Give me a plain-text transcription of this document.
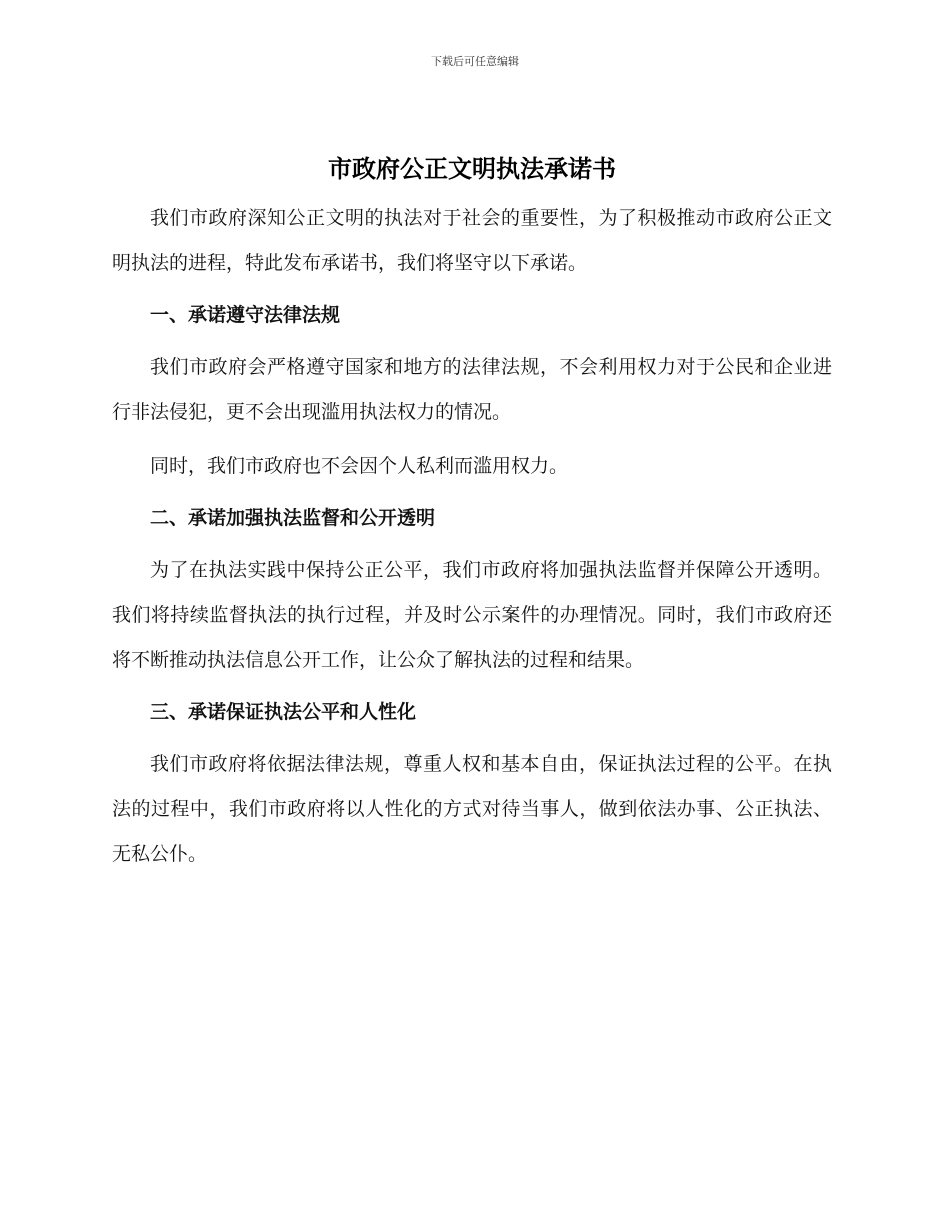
下载后可任意编辑
市政府公正文明执法承诺书

我们市政府深知公正文明的执法对于社会的重要性，为了积极推动市政府公正文明执法的进程，特此发布承诺书，我们将坚守以下承诺。

一、承诺遵守法律法规

我们市政府会严格遵守国家和地方的法律法规，不会利用权力对于公民和企业进行非法侵犯，更不会出现滥用执法权力的情况。

同时，我们市政府也不会因个人私利而滥用权力。

二、承诺加强执法监督和公开透明

为了在执法实践中保持公正公平，我们市政府将加强执法监督并保障公开透明。我们将持续监督执法的执行过程，并及时公示案件的办理情况。同时，我们市政府还将不断推动执法信息公开工作，让公众了解执法的过程和结果。

三、承诺保证执法公平和人性化

我们市政府将依据法律法规，尊重人权和基本自由，保证执法过程的公平。在执法的过程中，我们市政府将以人性化的方式对待当事人，做到依法办事、公正执法、无私公仆。
